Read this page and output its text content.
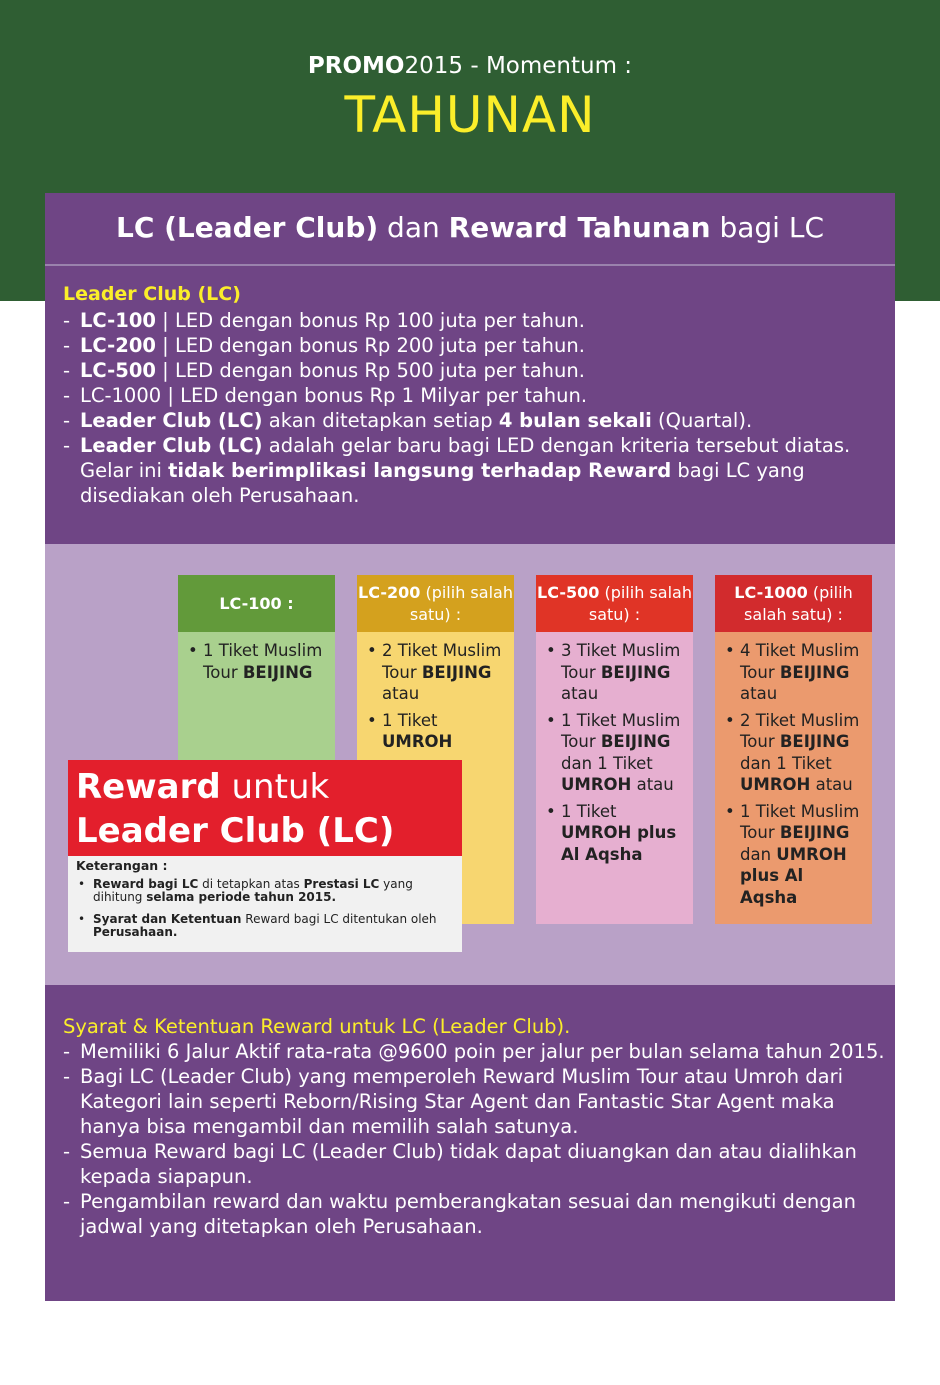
PROMO2015 - Momentum :
TAHUNAN
LC (Leader Club) dan Reward Tahunan bagi LC
Leader Club (LC)
- LC-100 | LED dengan bonus Rp 100 juta per tahun.
- LC-200 | LED dengan bonus Rp 200 juta per tahun.
- LC-500 | LED dengan bonus Rp 500 juta per tahun.
- LC-1000 | LED dengan bonus Rp 1 Milyar per tahun.
- Leader Club (LC) akan ditetapkan setiap 4 bulan sekali (Quartal).
- Leader Club (LC) adalah gelar baru bagi LED dengan kriteria tersebut diatas. Gelar ini tidak berimplikasi langsung terhadap Reward bagi LC yang disediakan oleh Perusahaan.
LC-100 :
• 1 Tiket Muslim Tour BEIJING
LC-200 (pilih salah satu) :
• 2 Tiket Muslim Tour BEIJING atau
• 1 Tiket UMROH
LC-500 (pilih salah satu) :
• 3 Tiket Muslim Tour BEIJING atau
• 1 Tiket Muslim Tour BEIJING dan 1 Tiket UMROH atau
• 1 Tiket UMROH plus Al Aqsha
LC-1000 (pilih salah satu) :
• 4 Tiket Muslim Tour BEIJING atau
• 2 Tiket Muslim Tour BEIJING dan 1 Tiket UMROH atau
• 1 Tiket Muslim Tour BEIJING dan UMROH plus Al Aqsha
Reward untuk
Leader Club (LC)
Keterangan :
• Reward bagi LC di tetapkan atas Prestasi LC yang dihitung selama periode tahun 2015.
• Syarat dan Ketentuan Reward bagi LC ditentukan oleh Perusahaan.
Syarat & Ketentuan Reward untuk LC (Leader Club).
- Memiliki 6 Jalur Aktif rata-rata @9600 poin per jalur per bulan selama tahun 2015.
- Bagi LC (Leader Club) yang memperoleh Reward Muslim Tour atau Umroh dari Kategori lain seperti Reborn/Rising Star Agent dan Fantastic Star Agent maka hanya bisa mengambil dan memilih salah satunya.
- Semua Reward bagi LC (Leader Club) tidak dapat diuangkan dan atau dialihkan kepada siapapun.
- Pengambilan reward dan waktu pemberangkatan sesuai dan mengikuti dengan jadwal yang ditetapkan oleh Perusahaan.
